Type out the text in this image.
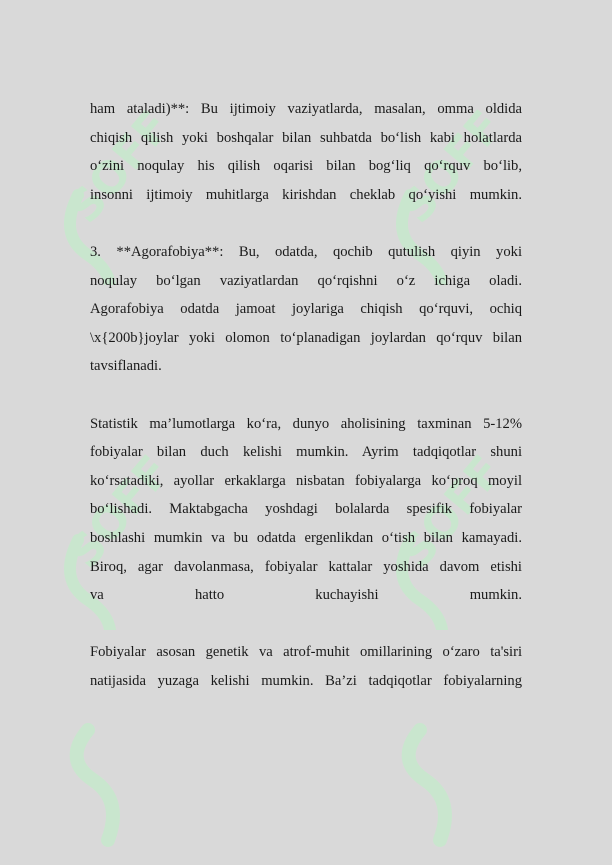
SOFF	SOFF
SOFF	SOFF

ham ataladi)**: Bu ijtimoiy vaziyatlarda, masalan, omma oldida

chiqish qilish yoki boshqalar bilan suhbatda bo‘lish kabi holatlarda

o‘zini noqulay his qilish oqarisi bilan bog‘liq qo‘rquv bo‘lib,

insonni ijtimoiy muhitlarga kirishdan cheklab qo‘yishi mumkin.

3. **Agorafobiya**: Bu, odatda, qochib qutulish qiyin yoki

noqulay bo‘lgan vaziyatlardan qo‘rqishni o‘z ichiga oladi.

Agorafobiya odatda jamoat joylariga chiqish qo‘rquvi, ochiq

\x{200b}joylar yoki olomon to‘planadigan joylardan qo‘rquv bilan

tavsiflanadi.

Statistik ma’lumotlarga ko‘ra, dunyo aholisining taxminan 5-12%

fobiyalar bilan duch kelishi mumkin. Ayrim tadqiqotlar shuni

ko‘rsatadiki, ayollar erkaklarga nisbatan fobiyalarga ko‘proq moyil

bo‘lishadi. Maktabgacha yoshdagi bolalarda spesifik fobiyalar

boshlashi mumkin va bu odatda ergenlikdan o‘tish bilan kamayadi.

Biroq, agar davolanmasa, fobiyalar kattalar yoshida davom etishi

va hatto kuchayishi mumkin.

Fobiyalar asosan genetik va atrof-muhit omillarining o‘zaro ta'siri

natijasida yuzaga kelishi mumkin. Ba’zi tadqiqotlar fobiyalarning
